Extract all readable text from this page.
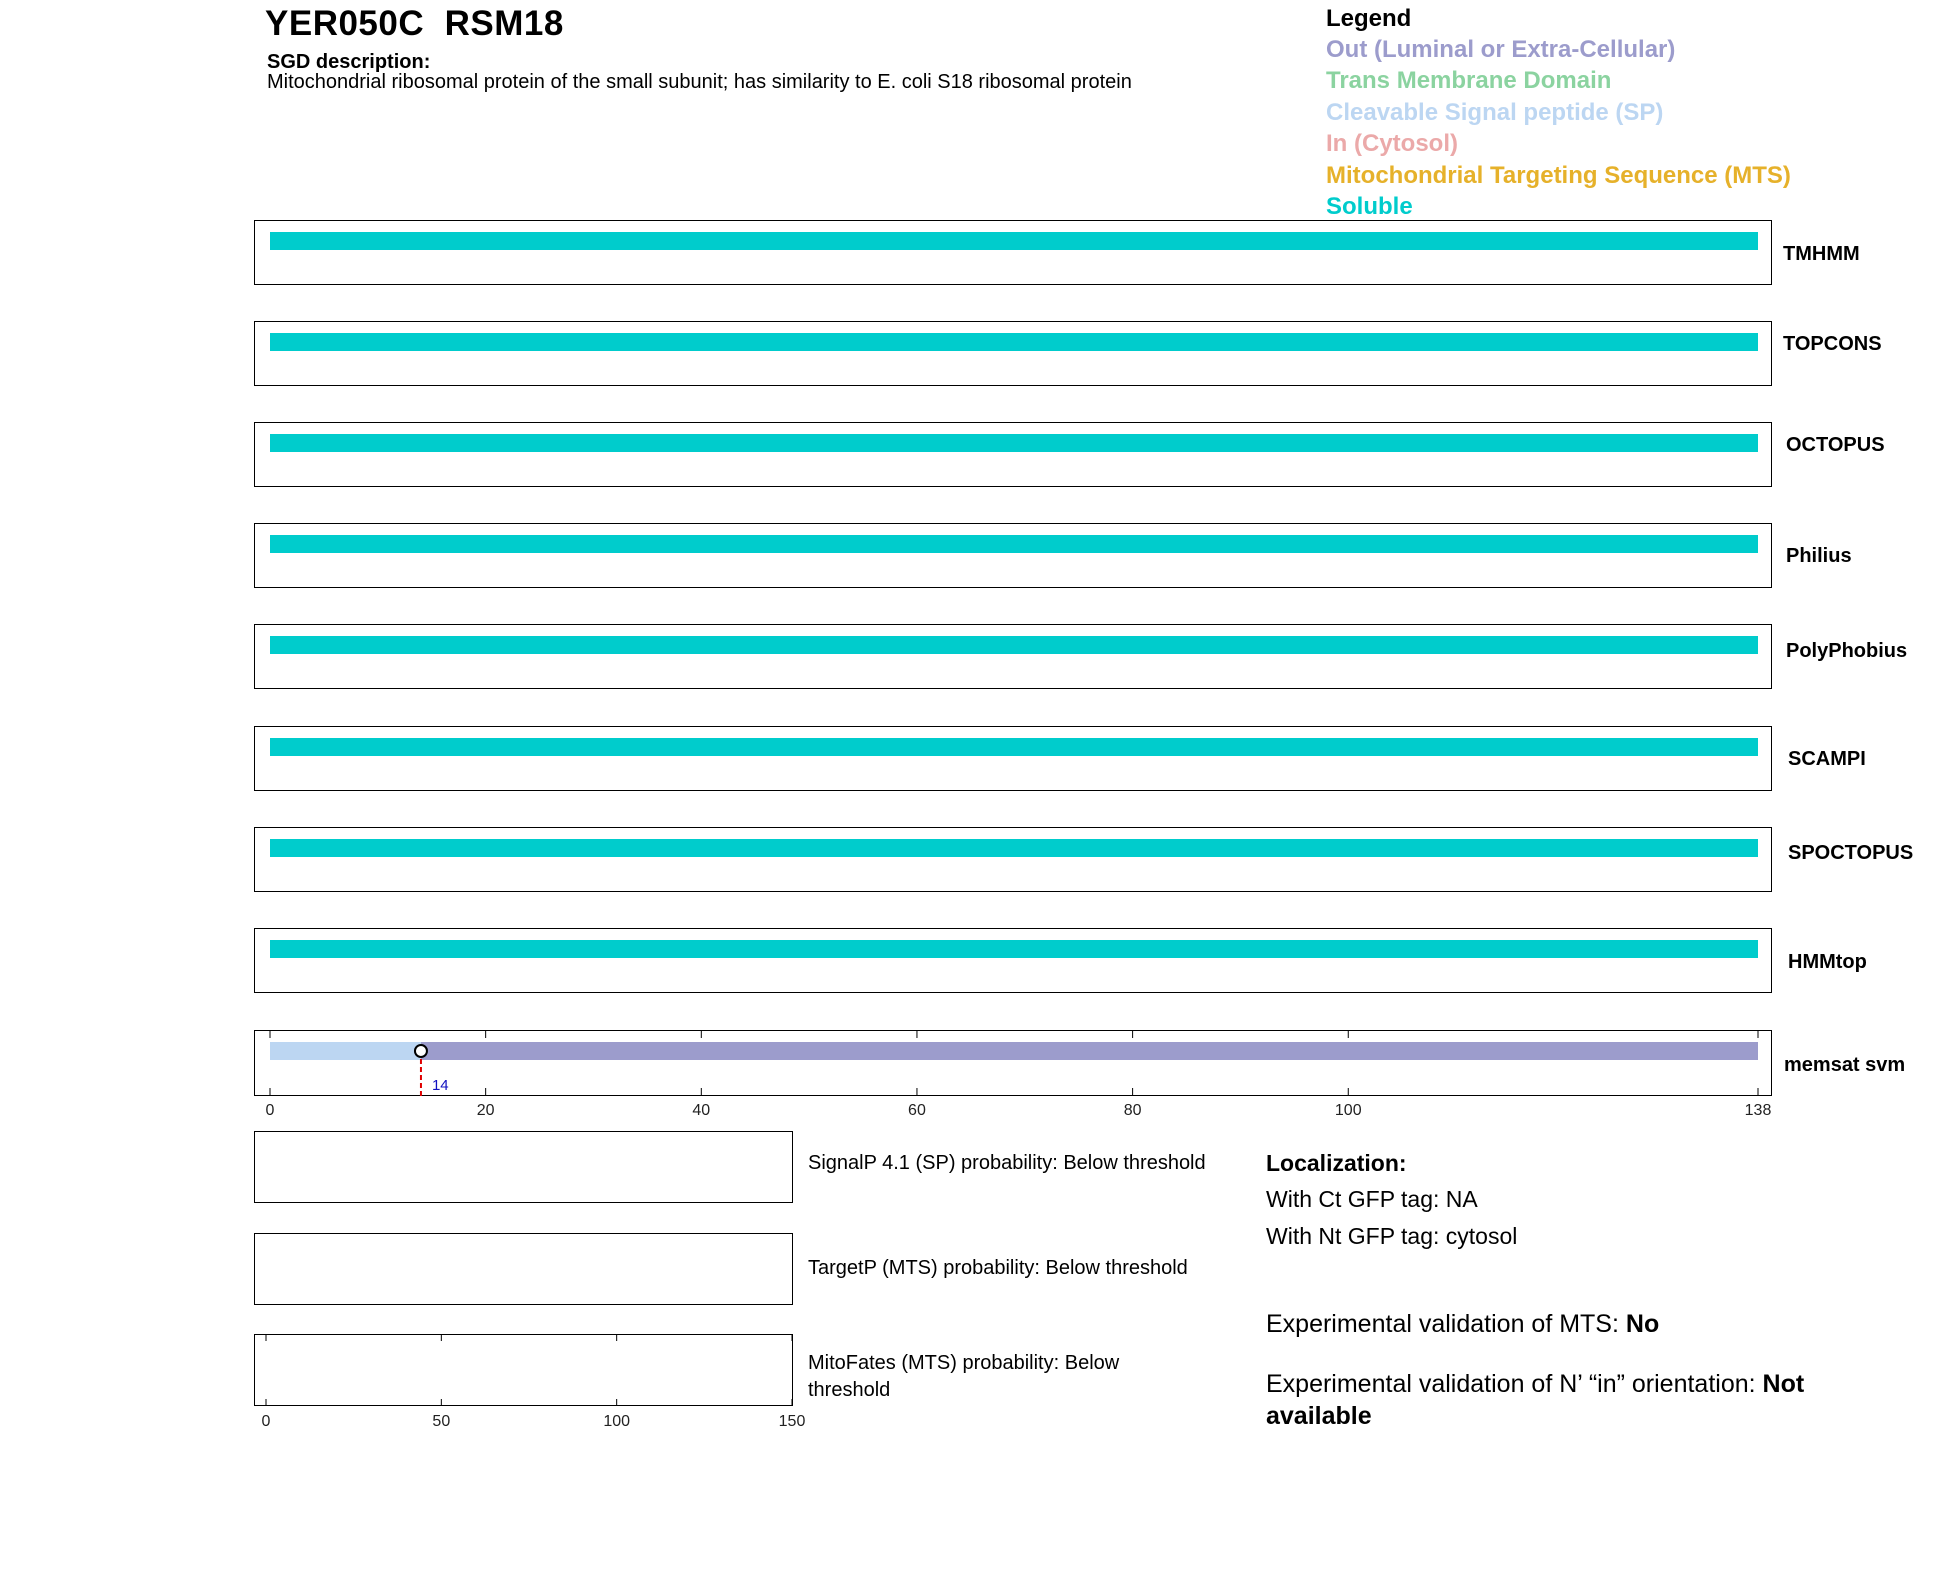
YER050C  RSM18
SGD description:
Mitochondrial ribosomal protein of the small subunit; has similarity to E. coli S18 ribosomal protein
Legend
Out (Luminal or Extra-Cellular)
Trans Membrane Domain
Cleavable Signal peptide (SP)
In (Cytosol)
Mitochondrial Targeting Sequence (MTS)
Soluble
TMHMM
TOPCONS
OCTOPUS
Philius
PolyPhobius
SCAMPI
SPOCTOPUS
HMMtop
memsat svm
SignalP 4.1 (SP) probability: Below threshold
TargetP (MTS) probability: Below threshold
MitoFates (MTS) probability: Below threshold
Localization:
With Ct GFP tag: NA
With Nt GFP tag: cytosol
Experimental validation of MTS: No
Experimental validation of N’ “in” orientation: Not available
14
0	20	40	60	80	100	138
0	50	100	150
